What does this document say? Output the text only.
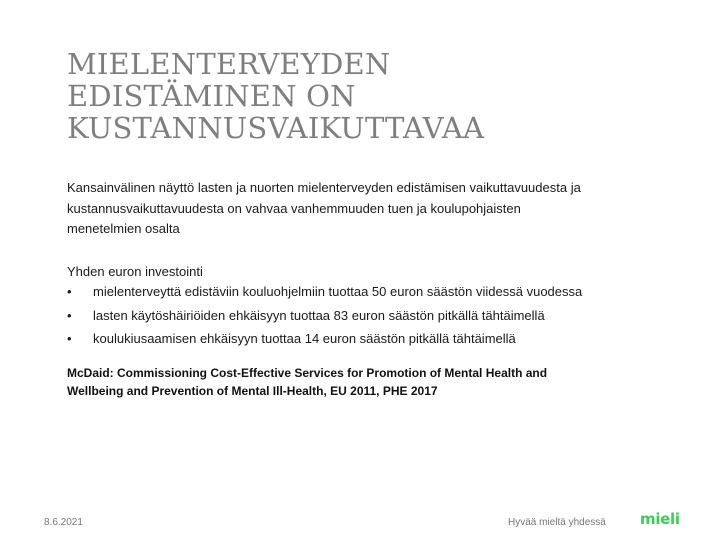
MIELENTERVEYDEN
EDISTÄMINEN ON
KUSTANNUSVAIKUTTAVAA

Kansainvälinen näyttö lasten ja nuorten mielenterveyden edistämisen vaikuttavuudesta ja kustannusvaikuttavuudesta on vahvaa vanhemmuuden tuen ja koulupohjaisten menetelmien osalta

Yhden euron investointi

•	mielenterveyttä edistäviin kouluohjelmiin tuottaa 50 euron säästön viidessä vuodessa
•	lasten käytöshäiriöiden ehkäisyyn tuottaa 83 euron säästön pitkällä tähtäimellä
•	koulukiusaamisen ehkäisyyn tuottaa 14 euron säästön pitkällä tähtäimellä

McDaid: Commissioning Cost-Effective Services for Promotion of Mental Health and Wellbeing and Prevention of Mental Ill-Health, EU 2011, PHE 2017

8.6.2021	Hyvää mieltä yhdessä mieli
